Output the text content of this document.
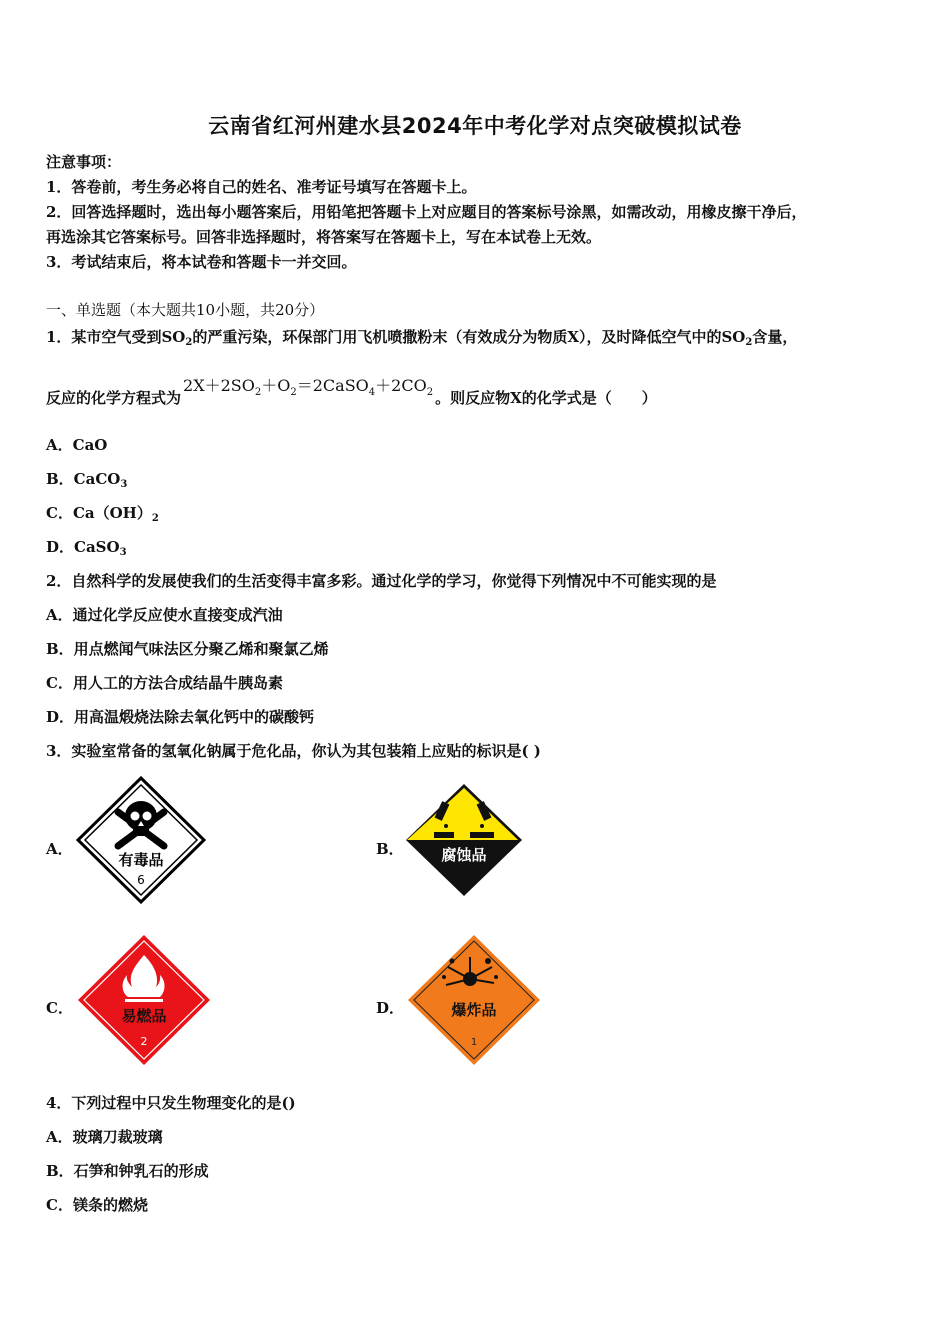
云南省红河州建水县2024年中考化学对点突破模拟试卷
注意事项：
1．答卷前，考生务必将自己的姓名、准考证号填写在答题卡上。
2．回答选择题时，选出每小题答案后，用铅笔把答题卡上对应题目的答案标号涂黑，如需改动，用橡皮擦干净后，
再选涂其它答案标号。回答非选择题时，将答案写在答题卡上，写在本试卷上无效。
3．考试结束后，将本试卷和答题卡一并交回。
一、单选题（本大题共10小题，共20分）
1．某市空气受到$SO_2$的严重污染，环保部门用飞机喷撒粉末（有效成分为物质X），及时降低空气中的$SO_2$含量，
反应的化学方程式为$2X+2SO_2+O_2=2CaSO_4+2CO_2$ 。则反应物X的化学式是（　　）
A．CaO
B．CaCO$_3$
C．$Ca(OH)_2$
D．CaSO$_3$
2．自然科学的发展使我们的生活变得丰富多彩。通过化学的学习，你觉得下列情况中不可能实现的是
A．通过化学反应使水直接变成汽油
B．用点燃闻气味法区分聚乙烯和聚氯乙烯
C．用人工的方法合成结晶牛胰岛素
D．用高温煅烧法除去氧化钙中的碳酸钙
3．实验室常备的氢氧化钠属于危化品，你认为其包装箱上应贴的标识是( )
A．	B．
C．	D．
有毒品
6
腐蚀品
易燃品
2
爆炸品
1
4．下列过程中只发生物理变化的是()
A．玻璃刀裁玻璃
B．石笋和钟乳石的形成
C．镁条的燃烧
